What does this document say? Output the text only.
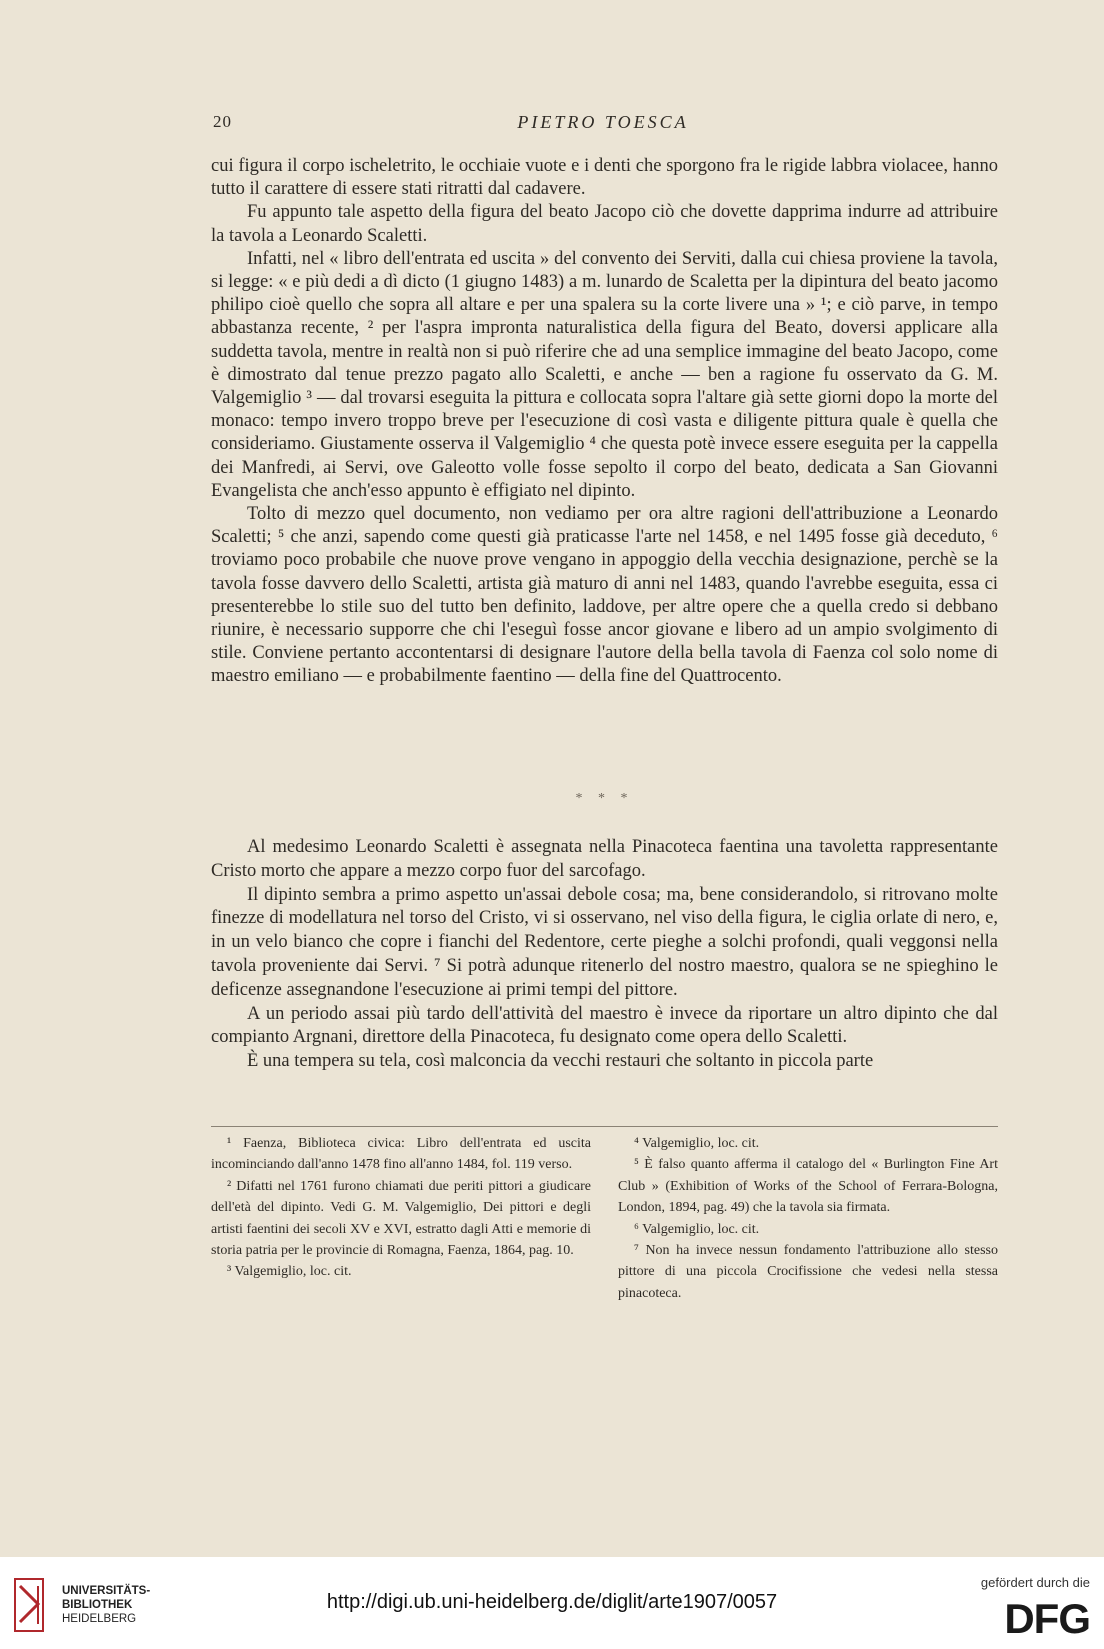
20	PIETRO TOESCA

cui figura il corpo ischeletrito, le occhiaie vuote e i denti che sporgono fra le rigide labbra violacee, hanno tutto il carattere di essere stati ritratti dal cadavere.

Fu appunto tale aspetto della figura del beato Jacopo ciò che dovette dapprima indurre ad attribuire la tavola a Leonardo Scaletti.

Infatti, nel « libro dell'entrata ed uscita » del convento dei Serviti, dalla cui chiesa proviene la tavola, si legge: « e più dedi a dì dicto (1 giugno 1483) a m. lunardo de Scaletta per la dipintura del beato jacomo philipo cioè quello che sopra all altare e per una spalera su la corte livere una » ¹; e ciò parve, in tempo abbastanza recente, ² per l'aspra impronta naturalistica della figura del Beato, doversi applicare alla suddetta tavola, mentre in realtà non si può riferire che ad una semplice immagine del beato Jacopo, come è dimostrato dal tenue prezzo pagato allo Scaletti, e anche — ben a ragione fu osservato da G. M. Valgemiglio ³ — dal trovarsi eseguita la pittura e collocata sopra l'altare già sette giorni dopo la morte del monaco: tempo invero troppo breve per l'esecuzione di così vasta e diligente pittura quale è quella che consideriamo. Giustamente osserva il Valgemiglio ⁴ che questa potè invece essere eseguita per la cappella dei Manfredi, ai Servi, ove Galeotto volle fosse sepolto il corpo del beato, dedicata a San Giovanni Evangelista che anch'esso appunto è effigiato nel dipinto.

Tolto di mezzo quel documento, non vediamo per ora altre ragioni dell'attribuzione a Leonardo Scaletti; ⁵ che anzi, sapendo come questi già praticasse l'arte nel 1458, e nel 1495 fosse già deceduto, ⁶ troviamo poco probabile che nuove prove vengano in appoggio della vecchia designazione, perchè se la tavola fosse davvero dello Scaletti, artista già maturo di anni nel 1483, quando l'avrebbe eseguita, essa ci presenterebbe lo stile suo del tutto ben definito, laddove, per altre opere che a quella credo si debbano riunire, è necessario supporre che chi l'eseguì fosse ancor giovane e libero ad un ampio svolgimento di stile. Conviene pertanto accontentarsi di designare l'autore della bella tavola di Faenza col solo nome di maestro emiliano — e probabilmente faentino — della fine del Quattrocento.

* * *

Al medesimo Leonardo Scaletti è assegnata nella Pinacoteca faentina una tavoletta rappresentante Cristo morto che appare a mezzo corpo fuor del sarcofago.

Il dipinto sembra a primo aspetto un'assai debole cosa; ma, bene considerandolo, si ritrovano molte finezze di modellatura nel torso del Cristo, vi si osservano, nel viso della figura, le ciglia orlate di nero, e, in un velo bianco che copre i fianchi del Redentore, certe pieghe a solchi profondi, quali veggonsi nella tavola proveniente dai Servi. ⁷ Si potrà adunque ritenerlo del nostro maestro, qualora se ne spieghino le deficenze assegnandone l'esecuzione ai primi tempi del pittore.

A un periodo assai più tardo dell'attività del maestro è invece da riportare un altro dipinto che dal compianto Argnani, direttore della Pinacoteca, fu designato come opera dello Scaletti.

È una tempera su tela, così malconcia da vecchi restauri che soltanto in piccola parte

¹ Faenza, Biblioteca civica: Libro dell'entrata ed uscita incominciando dall'anno 1478 fino all'anno 1484, fol. 119 verso.

² Difatti nel 1761 furono chiamati due periti pittori a giudicare dell'età del dipinto. Vedi G. M. Valgemiglio, Dei pittori e degli artisti faentini dei secoli XV e XVI, estratto dagli Atti e memorie di storia patria per le provincie di Romagna, Faenza, 1864, pag. 10.

³ Valgemiglio, loc. cit.

⁴ Valgemiglio, loc. cit.

⁵ È falso quanto afferma il catalogo del « Burlington Fine Art Club » (Exhibition of Works of the School of Ferrara-Bologna, London, 1894, pag. 49) che la tavola sia firmata.

⁶ Valgemiglio, loc. cit.

⁷ Non ha invece nessun fondamento l'attribuzione allo stesso pittore di una piccola Crocifissione che vedesi nella stessa pinacoteca.

UNIVERSITÄTS-
BIBLIOTHEK
HEIDELBERG
http://digi.ub.uni-heidelberg.de/diglit/arte1907/0057
gefördert durch die
DFG
